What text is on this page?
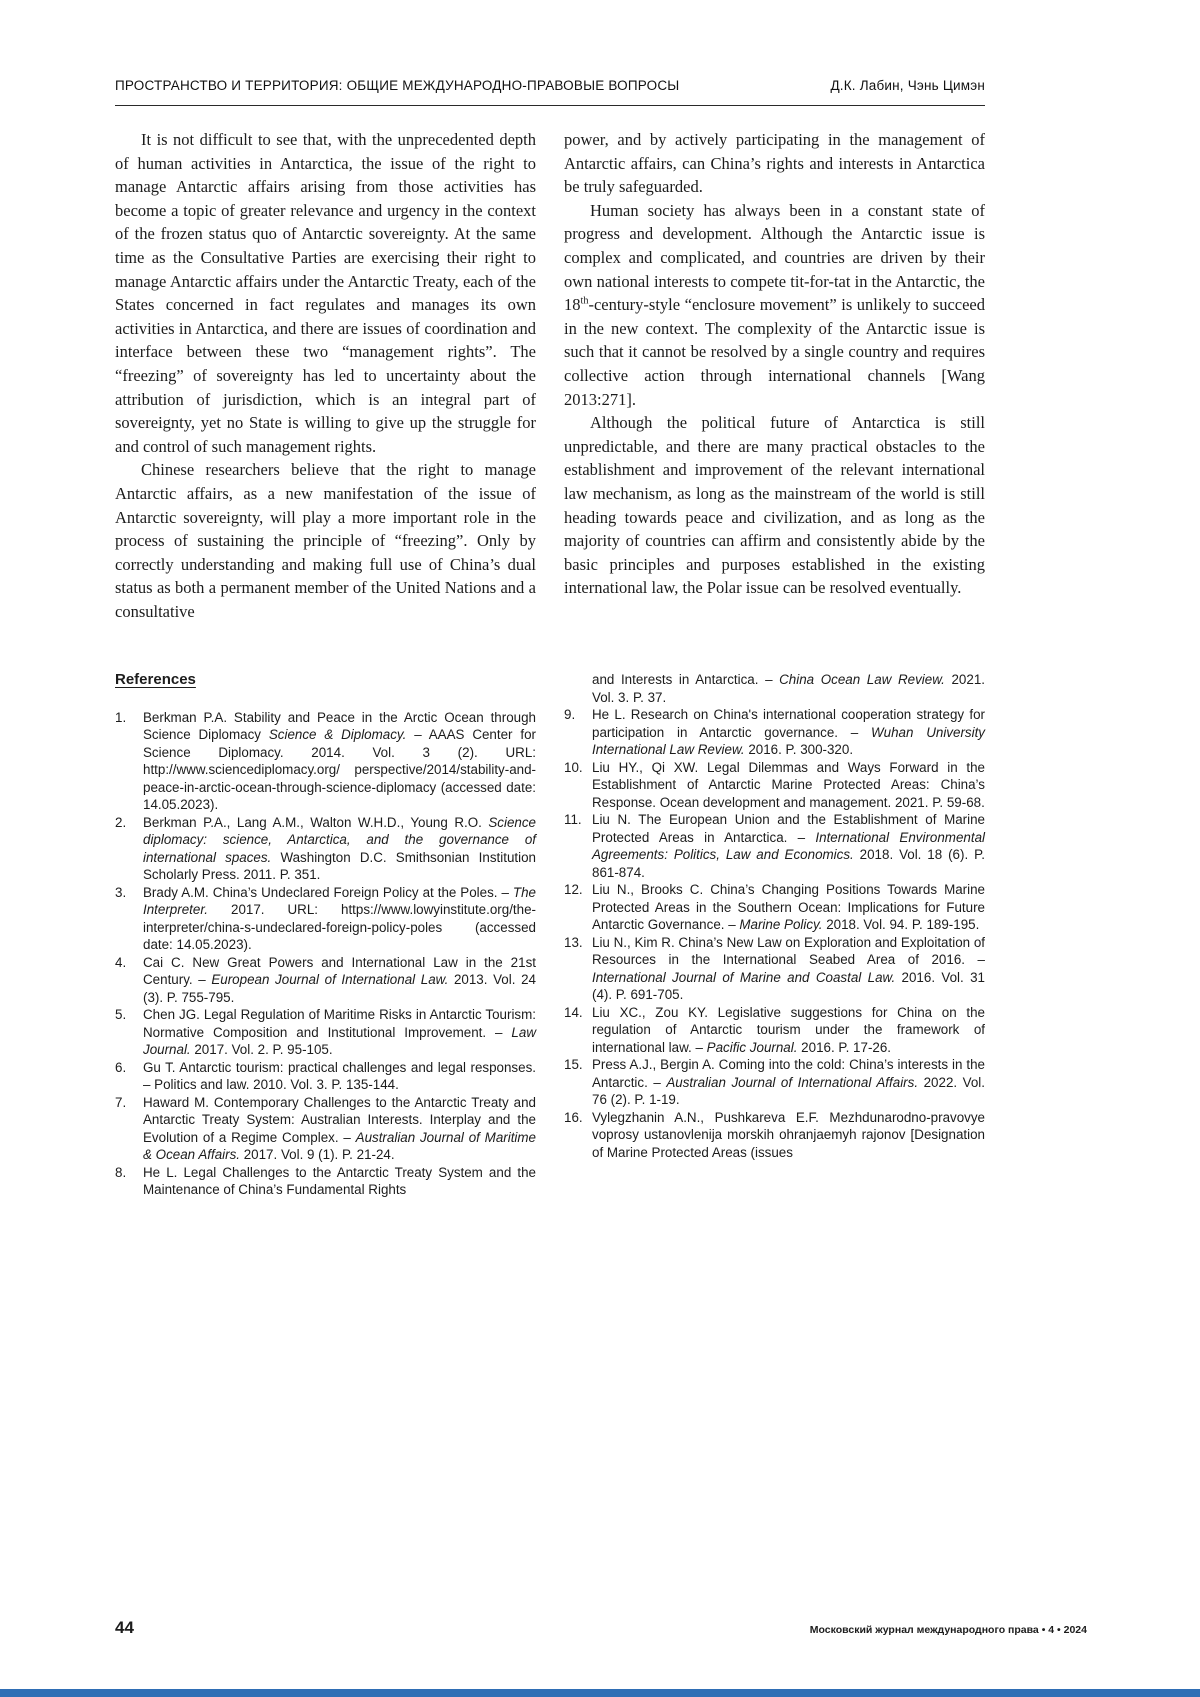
ПРОСТРАНСТВО И ТЕРРИТОРИЯ: ОБЩИЕ МЕЖДУНАРОДНО-ПРАВОВЫЕ ВОПРОСЫ	Д.К. Лабин, Чэнь Цимэн

It is not difficult to see that, with the unprecedented depth of human activities in Antarctica, the issue of the right to manage Antarctic affairs arising from those activities has become a topic of greater relevance and urgency in the context of the frozen status quo of Antarctic sovereignty. At the same time as the Consultative Parties are exercising their right to manage Antarctic affairs under the Antarctic Treaty, each of the States concerned in fact regulates and manages its own activities in Antarctica, and there are issues of coordination and interface between these two “management rights”. The “freezing” of sovereignty has led to uncertainty about the attribution of jurisdiction, which is an integral part of sovereignty, yet no State is willing to give up the struggle for and control of such management rights.

Chinese researchers believe that the right to manage Antarctic affairs, as a new manifestation of the issue of Antarctic sovereignty, will play a more important role in the process of sustaining the principle of “freezing”. Only by correctly understanding and making full use of China’s dual status as both a permanent member of the United Nations and a consultative

power, and by actively participating in the management of Antarctic affairs, can China’s rights and interests in Antarctica be truly safeguarded.

Human society has always been in a constant state of progress and development. Although the Antarctic issue is complex and complicated, and countries are driven by their own national interests to compete tit-for-tat in the Antarctic, the 18th-century-style “enclosure movement” is unlikely to succeed in the new context. The complexity of the Antarctic issue is such that it cannot be resolved by a single country and requires collective action through international channels [Wang 2013:271].

Although the political future of Antarctica is still unpredictable, and there are many practical obstacles to the establishment and improvement of the relevant international law mechanism, as long as the mainstream of the world is still heading towards peace and civilization, and as long as the majority of countries can affirm and consistently abide by the basic principles and purposes established in the existing international law, the Polar issue can be resolved eventually.

References
1. Berkman P.A. Stability and Peace in the Arctic Ocean through Science Diplomacy Science & Diplomacy. – AAAS Center for Science Diplomacy. 2014. Vol. 3 (2). URL: http://www.sciencediplomacy.org/ perspective/2014/stability-and-peace-in-arctic-ocean-through-science-diplomacy (accessed date: 14.05.2023).
2. Berkman P.A., Lang A.M., Walton W.H.D., Young R.O. Science diplomacy: science, Antarctica, and the governance of international spaces. Washington D.C. Smithsonian Institution Scholarly Press. 2011. P. 351.
3. Brady A.M. China’s Undeclared Foreign Policy at the Poles. – The Interpreter. 2017. URL: https://www.lowyinstitute.org/the-interpreter/china-s-undeclared-foreign-policy-poles (accessed date: 14.05.2023).
4. Cai C. New Great Powers and International Law in the 21st Century. – European Journal of International Law. 2013. Vol. 24 (3). P. 755-795.
5. Chen JG. Legal Regulation of Maritime Risks in Antarctic Tourism: Normative Composition and Institutional Improvement. – Law Journal. 2017. Vol. 2. P. 95-105.
6. Gu T. Antarctic tourism: practical challenges and legal responses. – Politics and law. 2010. Vol. 3. P. 135-144.
7. Haward M. Contemporary Challenges to the Antarctic Treaty and Antarctic Treaty System: Australian Interests. Interplay and the Evolution of a Regime Complex. – Australian Journal of Maritime & Ocean Affairs. 2017. Vol. 9 (1). P. 21-24.
8. He L. Legal Challenges to the Antarctic Treaty System and the Maintenance of China’s Fundamental Rights
and Interests in Antarctica. – China Ocean Law Review. 2021. Vol. 3. P. 37.
9. He L. Research on China's international cooperation strategy for participation in Antarctic governance. – Wuhan University International Law Review. 2016. P. 300-320.
10. Liu HY., Qi XW. Legal Dilemmas and Ways Forward in the Establishment of Antarctic Marine Protected Areas: China’s Response. Ocean development and management. 2021. P. 59-68.
11. Liu N. The European Union and the Establishment of Marine Protected Areas in Antarctica. – International Environmental Agreements: Politics, Law and Economics. 2018. Vol. 18 (6). P. 861-874.
12. Liu N., Brooks C. China’s Changing Positions Towards Marine Protected Areas in the Southern Ocean: Implications for Future Antarctic Governance. – Marine Policy. 2018. Vol. 94. P. 189-195.
13. Liu N., Kim R. China’s New Law on Exploration and Exploitation of Resources in the International Seabed Area of 2016. – International Journal of Marine and Coastal Law. 2016. Vol. 31 (4). P. 691-705.
14. Liu XC., Zou KY. Legislative suggestions for China on the regulation of Antarctic tourism under the framework of international law. – Pacific Journal. 2016. P. 17-26.
15. Press A.J., Bergin A. Coming into the cold: China’s interests in the Antarctic. – Australian Journal of International Affairs. 2022. Vol. 76 (2). P. 1-19.
16. Vylegzhanin A.N., Pushkareva E.F. Mezhdunarodno-pravovye voprosy ustanovlenija morskih ohranjaemyh rajonov [Designation of Marine Protected Areas (issues
44	Московский журнал международного права • 4 • 2024
